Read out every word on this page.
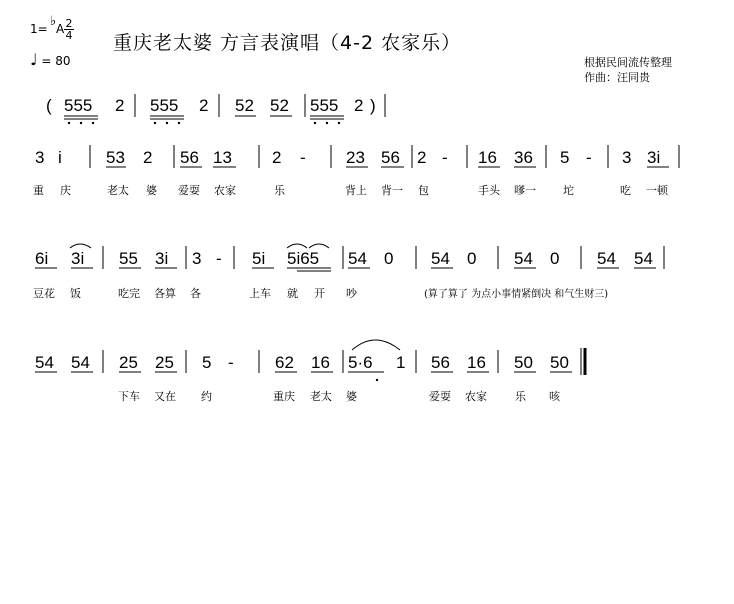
1= ♭ A 2

4
♩ = 80
重庆老太婆 方言表演唱（4-2 农家乐）
根据民间流传整理
作曲：汪同贵
( 555 2 555 2 52 52 555 2 )
3 i	53 2 56 13 2 - 23 56 2 - 16 36 5 - 3 3i
重 庆	老太 婆 爱耍 农家	乐	背上 背一 包	手头 嗲一 坨	吃 一顿
6i 3i 55 3i 3 - 5i 5i65 54 0 54 0 54 0 54 54
豆花 饭	吃完 各算 各	上车 就 开 吵	(算了算了 为点小事情紧倒决 和气生财三)
54 54 25 25 5 - 62 16 5·6 1 56 16 50 50
下车 又在 约	重庆 老太 婆	爱耍 农家	乐 咳
